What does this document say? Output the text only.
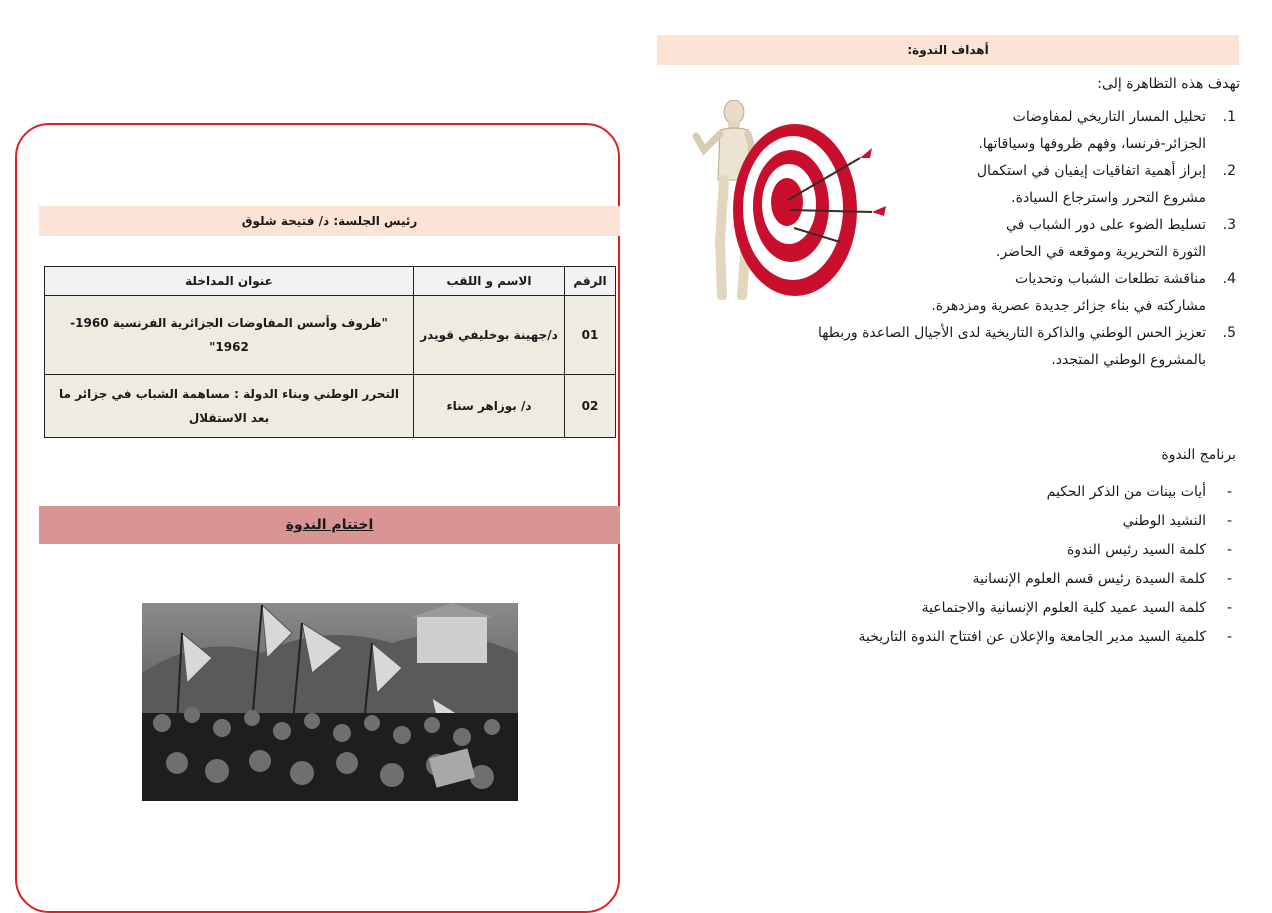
أهداف الندوة:
تهدف هذه التظاهرة إلى:
1.
تحليل المسار التاريخي لمفاوضات
الجزائر-فرنسا، وفهم ظروفها وسياقاتها.
2.
إبراز أهمية اتفاقيات إيفيان في استكمال
مشروع التحرر واسترجاع السيادة.
3.
تسليط الضوء على دور الشباب في
الثورة التحريرية وموقعه في الحاضر.
4.
مناقشة تطلعات الشباب وتحديات
مشاركته في بناء جزائر جديدة عصرية ومزدهرة.
5.
تعزيز الحس الوطني والذاكرة التاريخية لدى الأجيال الصاعدة وربطها
بالمشروع الوطني المتجدد.
برنامج الندوة
-
أيات بينات من الذكر الحكيم
-
النشيد الوطني
-
كلمة السيد رئيس الندوة
-
كلمة السيدة رئيس قسم العلوم الإنسانية
-
كلمة السيد عميد كلية العلوم الإنسانية والاجتماعية
-
كلمية السيد مدير الجامعة والإعلان عن افتتاح الندوة التاريخية
رئيس الجلسة: د/ فتيحة شلوق
الرقم	الاسم و اللقب	عنوان المداخلة
01	د/جهينة بوخليفي قويدر	"ظروف وأسس المفاوضات الجزائرية الفرنسية 1960-1962"
02	د/ بوزاهر سناء	التحرر الوطني وبناء الدولة : مساهمة الشباب في جزائر ما بعد الاستقلال
اختتام الندوة
